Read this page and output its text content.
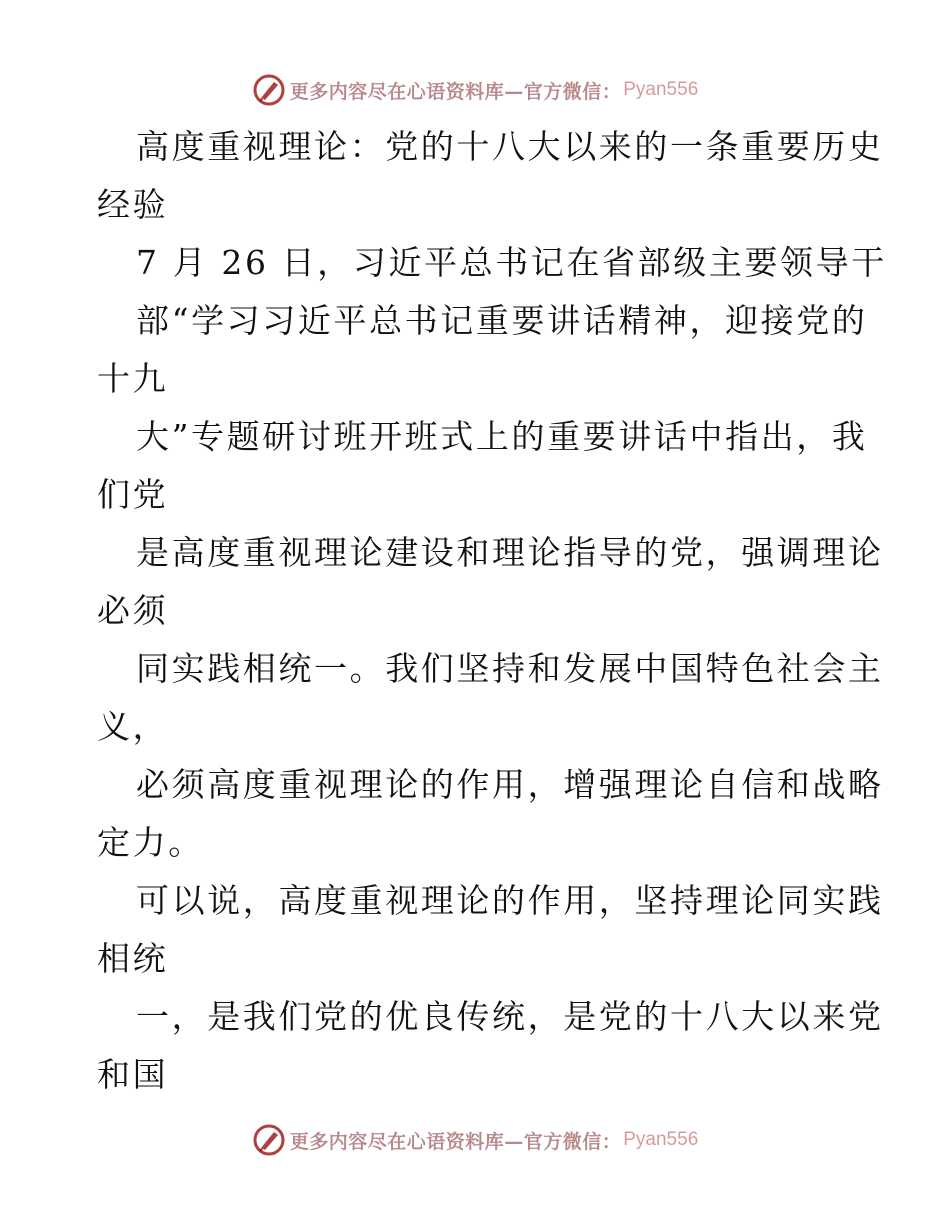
更多内容尽在心语资料库—官方微信： Pyan556
高度重视理论：党的十八大以来的一条重要历史
经验
7 月 26 日，习近平总书记在省部级主要领导干
部“学习习近平总书记重要讲话精神，迎接党的
十九
大”专题研讨班开班式上的重要讲话中指出，我
们党
是高度重视理论建设和理论指导的党，强调理论
必须
同实践相统一。我们坚持和发展中国特色社会主
义，
必须高度重视理论的作用，增强理论自信和战略
定力。
可以说，高度重视理论的作用，坚持理论同实践
相统
一，是我们党的优良传统，是党的十八大以来党
和国
更多内容尽在心语资料库—官方微信： Pyan556
